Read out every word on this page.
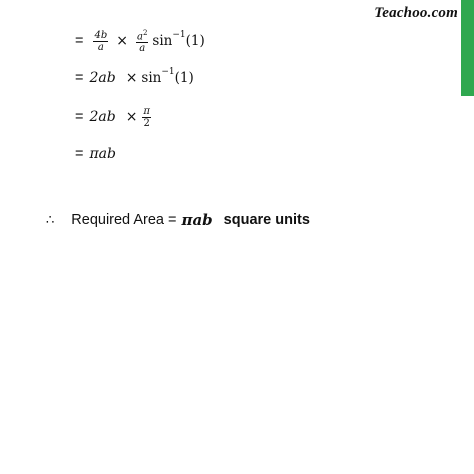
Teachoo.com
= $\frac{4b}{a} \times \frac{a^2}{a}$ sin −1 (1)
= 2ab × sin −1 (1)
= $2ab \times \frac{\pi}{2}$
= πab
∴ Required Area = πab square units
